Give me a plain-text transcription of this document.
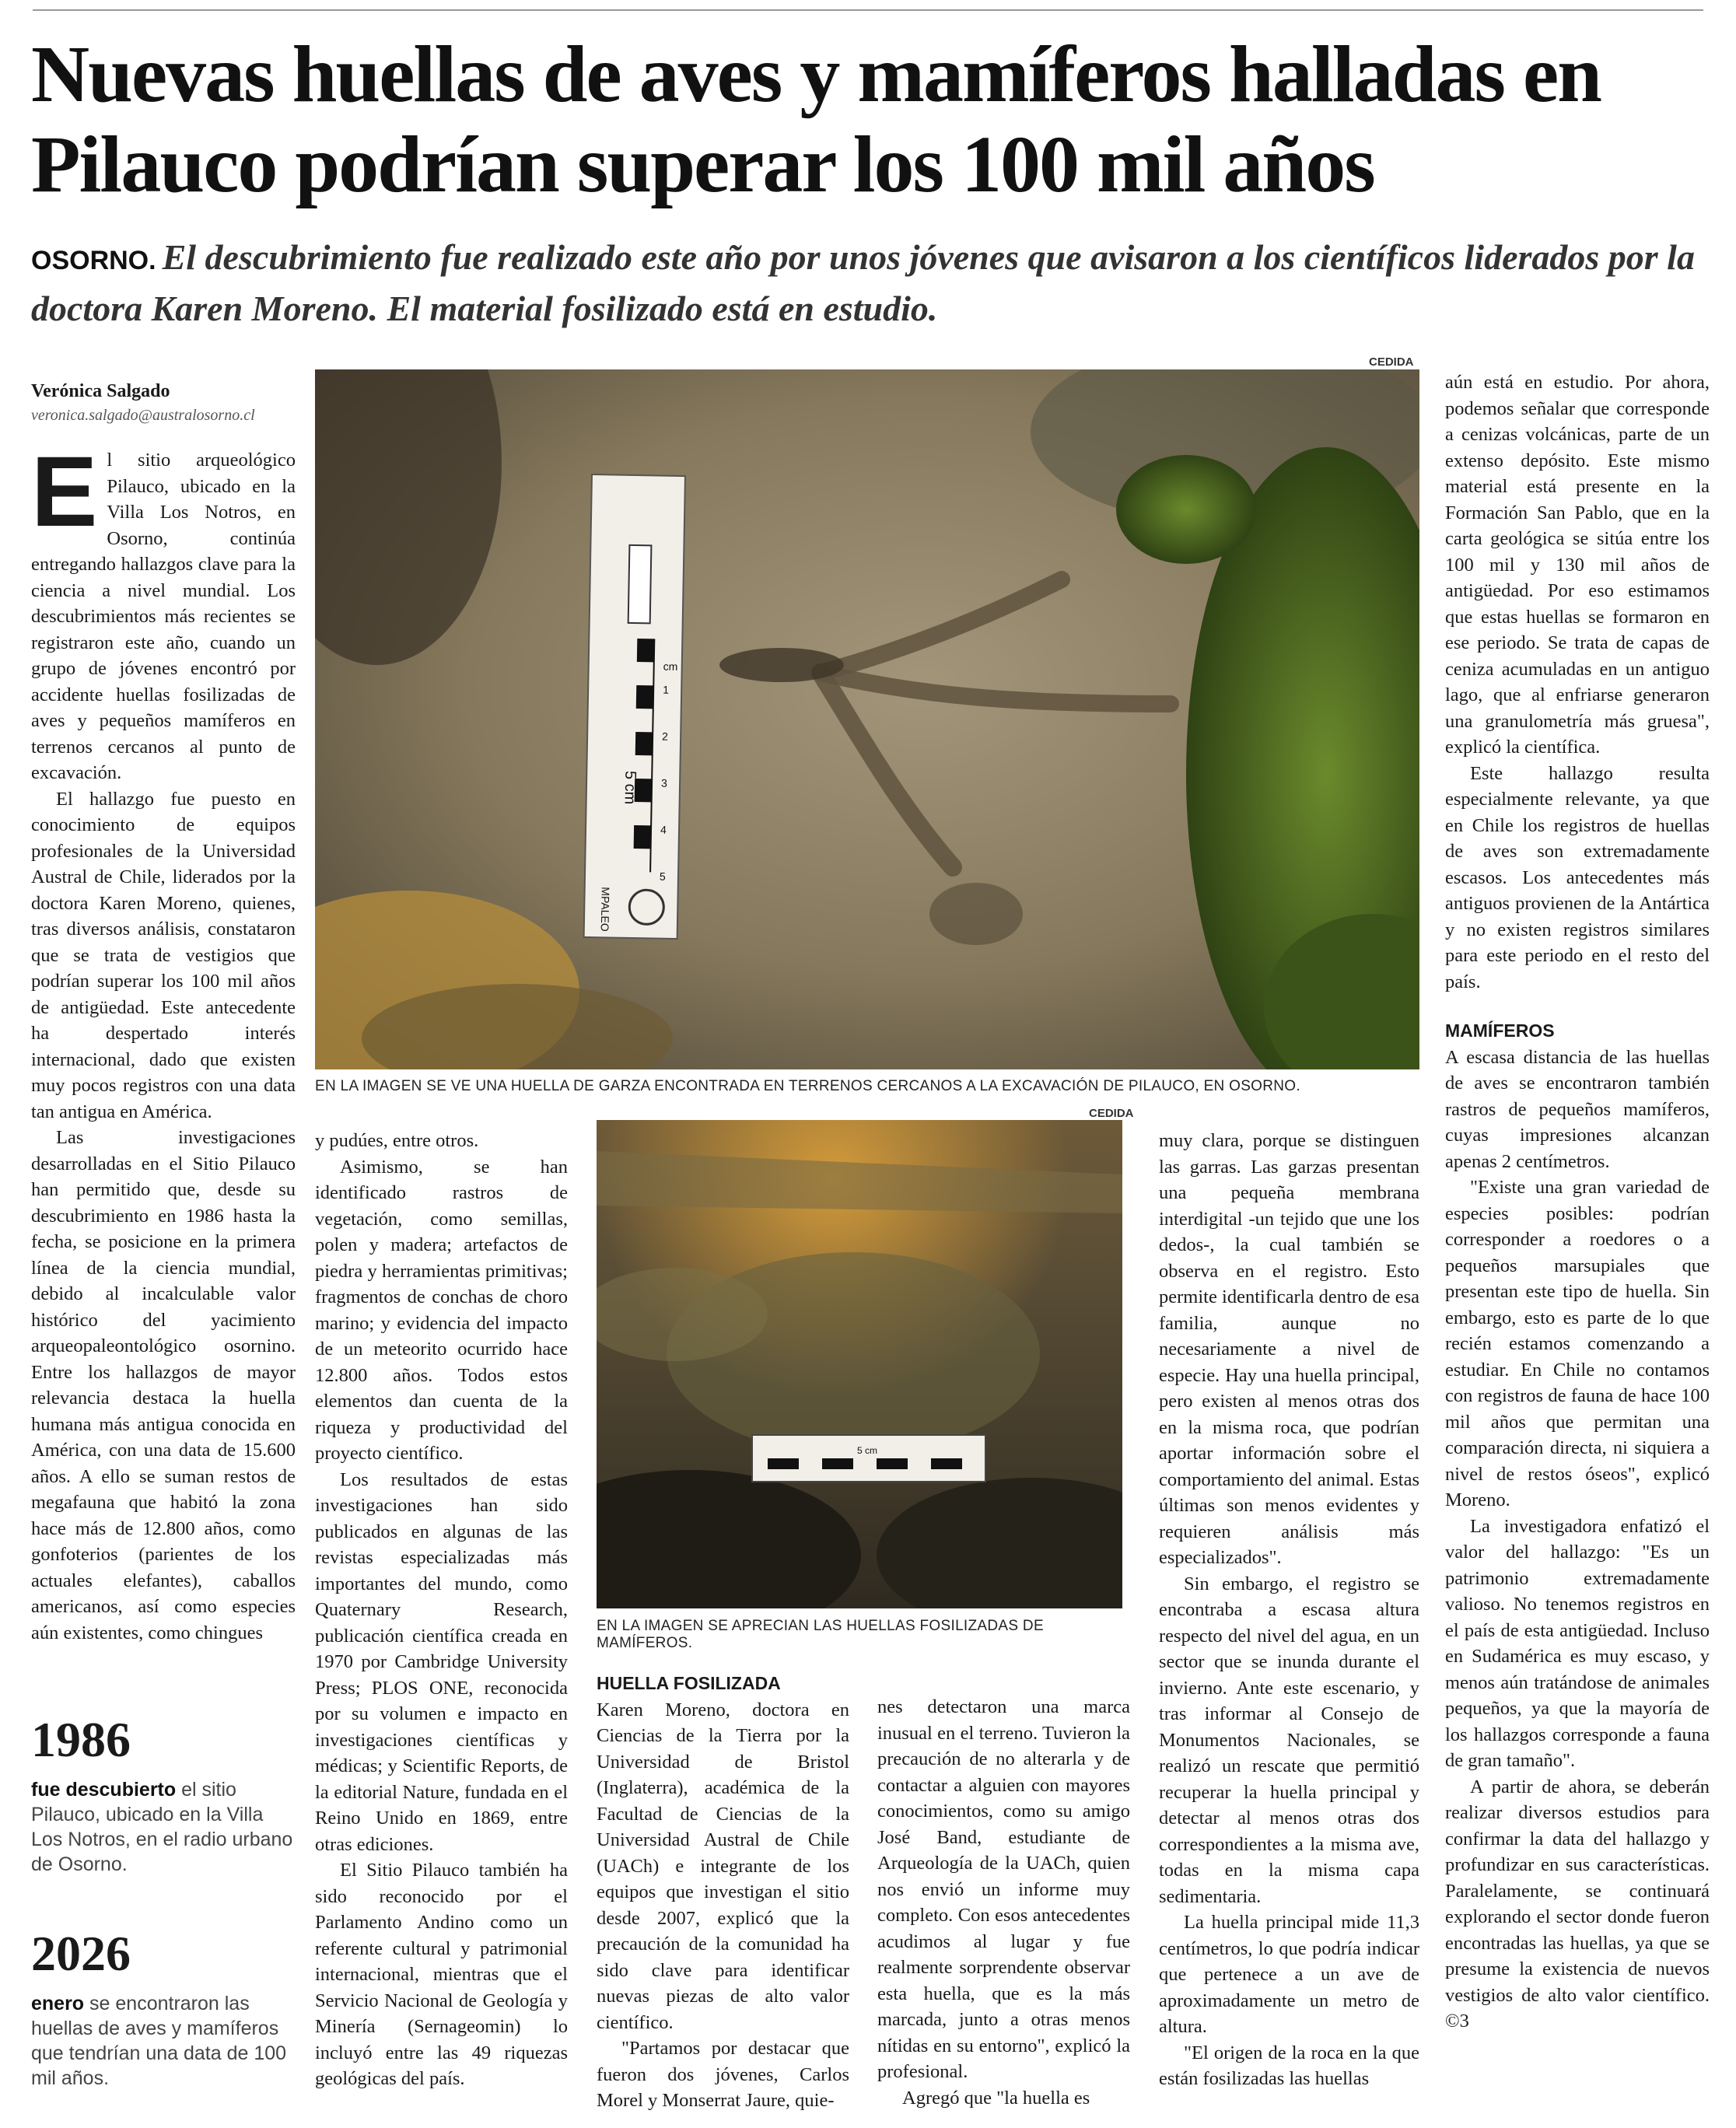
Nuevas huellas de aves y mamíferos halladas en Pilauco podrían superar los 100 mil años
OSORNO. El descubrimiento fue realizado este año por unos jóvenes que avisaron a los científicos liderados por la doctora Karen Moreno. El material fosilizado está en estudio.
Verónica Salgado
veronica.salgado@australosorno.cl

El sitio arqueológico Pilauco, ubicado en la Villa Los Notros, en Osorno, continúa entregando hallazgos clave para la ciencia a nivel mundial. Los descubrimientos más recientes se registraron este año, cuando un grupo de jóvenes encontró por accidente huellas fosilizadas de aves y pequeños mamíferos en terrenos cercanos al punto de excavación.

El hallazgo fue puesto en conocimiento de equipos profesionales de la Universidad Austral de Chile, liderados por la doctora Karen Moreno, quienes, tras diversos análisis, constataron que se trata de vestigios que podrían superar los 100 mil años de antigüedad. Este antecedente ha despertado interés internacional, dado que existen muy pocos registros con una data tan antigua en América.

Las investigaciones desarrolladas en el Sitio Pilauco han permitido que, desde su descubrimiento en 1986 hasta la fecha, se posicione en la primera línea de la ciencia mundial, debido al incalculable valor histórico del yacimiento arqueopaleontológico osornino. Entre los hallazgos de mayor relevancia destaca la huella humana más antigua conocida en América, con una data de 15.600 años. A ello se suman restos de megafauna que habitó la zona hace más de 12.800 años, como gonfoterios (parientes de los actuales elefantes), caballos americanos, así como especies aún existentes, como chingues

CEDIDA
cm
1
2
3
4
5
5 cm
MPALEO
EN LA IMAGEN SE VE UNA HUELLA DE GARZA ENCONTRADA EN TERRENOS CERCANOS A LA EXCAVACIÓN DE PILAUCO, EN OSORNO.

y pudúes, entre otros.

Asimismo, se han identificado rastros de vegetación, como semillas, polen y madera; artefactos de piedra y herramientas primitivas; fragmentos de conchas de choro marino; y evidencia del impacto de un meteorito ocurrido hace 12.800 años. Todos estos elementos dan cuenta de la riqueza y productividad del proyecto científico.

Los resultados de estas investigaciones han sido publicados en algunas de las revistas especializadas más importantes del mundo, como Quaternary Research, publicación científica creada en 1970 por Cambridge University Press; PLOS ONE, reconocida por su volumen e impacto en investigaciones científicas y médicas; y Scientific Reports, de la editorial Nature, fundada en el Reino Unido en 1869, entre otras ediciones.

El Sitio Pilauco también ha sido reconocido por el Parlamento Andino como un referente cultural y patrimonial internacional, mientras que el Servicio Nacional de Geología y Minería (Sernageomin) lo incluyó entre las 49 riquezas geológicas del país.

CEDIDA
5 cm
EN LA IMAGEN SE APRECIAN LAS HUELLAS FOSILIZADAS DE MAMÍFEROS.

HUELLA FOSILIZADA

Karen Moreno, doctora en Ciencias de la Tierra por la Universidad de Bristol (Inglaterra), académica de la Facultad de Ciencias de la Universidad Austral de Chile (UACh) e integrante de los equipos que investigan el sitio desde 2007, explicó que la precaución de la comunidad ha sido clave para identificar nuevas piezas de alto valor científico.

"Partamos por destacar que fueron dos jóvenes, Carlos Morel y Monserrat Jaure, quie-

nes detectaron una marca inusual en el terreno. Tuvieron la precaución de no alterarla y de contactar a alguien con mayores conocimientos, como su amigo José Band, estudiante de Arqueología de la UACh, quien nos envió un informe muy completo. Con esos antecedentes acudimos al lugar y fue realmente sorprendente observar esta huella, que es la más marcada, junto a otras menos nítidas en su entorno", explicó la profesional.

Agregó que "la huella es

muy clara, porque se distinguen las garras. Las garzas presentan una pequeña membrana interdigital -un tejido que une los dedos-, la cual también se observa en el registro. Esto permite identificarla dentro de esa familia, aunque no necesariamente a nivel de especie. Hay una huella principal, pero existen al menos otras dos en la misma roca, que podrían aportar información sobre el comportamiento del animal. Estas últimas son menos evidentes y requieren análisis más especializados".

Sin embargo, el registro se encontraba a escasa altura respecto del nivel del agua, en un sector que se inunda durante el invierno. Ante este escenario, y tras informar al Consejo de Monumentos Nacionales, se realizó un rescate que permitió recuperar la huella principal y detectar al menos otras dos correspondientes a la misma ave, todas en la misma capa sedimentaria.

La huella principal mide 11,3 centímetros, lo que podría indicar que pertenece a un ave de aproximadamente un metro de altura.

"El origen de la roca en la que están fosilizadas las huellas

aún está en estudio. Por ahora, podemos señalar que corresponde a cenizas volcánicas, parte de un extenso depósito. Este mismo material está presente en la Formación San Pablo, que en la carta geológica se sitúa entre los 100 mil y 130 mil años de antigüedad. Por eso estimamos que estas huellas se formaron en ese periodo. Se trata de capas de ceniza acumuladas en un antiguo lago, que al enfriarse generaron una granulometría más gruesa", explicó la científica.

Este hallazgo resulta especialmente relevante, ya que en Chile los registros de huellas de aves son extremadamente escasos. Los antecedentes más antiguos provienen de la Antártica y no existen registros similares para este periodo en el resto del país.

MAMÍFEROS

A escasa distancia de las huellas de aves se encontraron también rastros de pequeños mamíferos, cuyas impresiones alcanzan apenas 2 centímetros.

"Existe una gran variedad de especies posibles: podrían corresponder a roedores o a pequeños marsupiales que presentan este tipo de huella. Sin embargo, esto es parte de lo que recién estamos comenzando a estudiar. En Chile no contamos con registros de fauna de hace 100 mil años que permitan una comparación directa, ni siquiera a nivel de restos óseos", explicó Moreno.

La investigadora enfatizó el valor del hallazgo: "Es un patrimonio extremadamente valioso. No tenemos registros en el país de esta antigüedad. Incluso en Sudamérica es muy escaso, y menos aún tratándose de animales pequeños, ya que la mayoría de los hallazgos corresponde a fauna de gran tamaño".

A partir de ahora, se deberán realizar diversos estudios para confirmar la data del hallazgo y profundizar en sus características. Paralelamente, se continuará explorando el sector donde fueron encontradas las huellas, ya que se presume la existencia de nuevos vestigios de alto valor científico. ©3

1986
fue descubierto el sitio Pilauco, ubicado en la Villa Los Notros, en el radio urbano de Osorno.
2026
enero se encontraron las huellas de aves y mamíferos que tendrían una data de 100 mil años.
